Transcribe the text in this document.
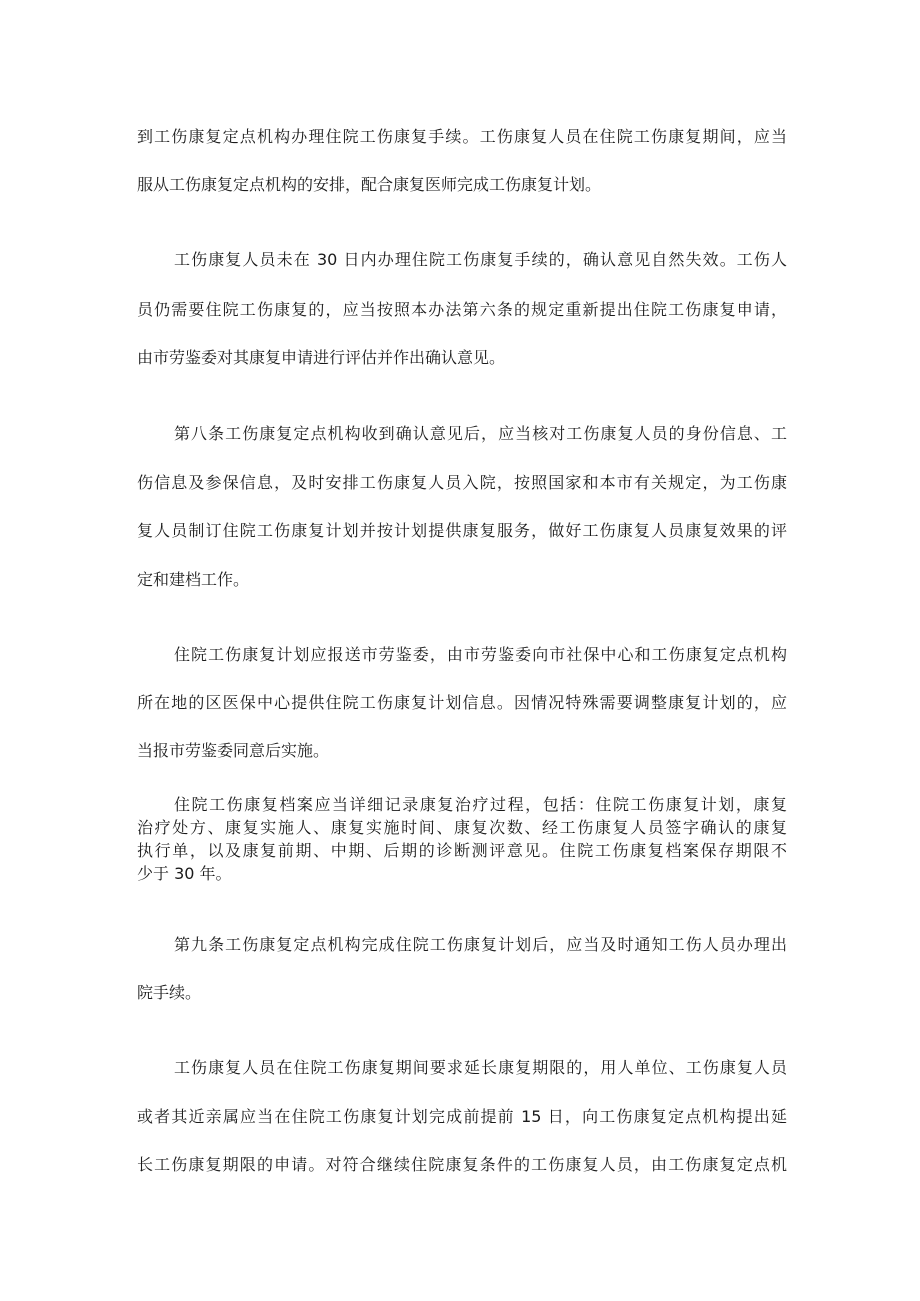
到工伤康复定点机构办理住院工伤康复手续。工伤康复人员在住院工伤康复期间，应当
服从工伤康复定点机构的安排，配合康复医师完成工伤康复计划。
工伤康复人员未在 30 日内办理住院工伤康复手续的，确认意见自然失效。工伤人
员仍需要住院工伤康复的，应当按照本办法第六条的规定重新提出住院工伤康复申请，
由市劳鉴委对其康复申请进行评估并作出确认意见。
第八条工伤康复定点机构收到确认意见后，应当核对工伤康复人员的身份信息、工
伤信息及参保信息，及时安排工伤康复人员入院，按照国家和本市有关规定，为工伤康
复人员制订住院工伤康复计划并按计划提供康复服务，做好工伤康复人员康复效果的评
定和建档工作。
住院工伤康复计划应报送市劳鉴委，由市劳鉴委向市社保中心和工伤康复定点机构
所在地的区医保中心提供住院工伤康复计划信息。因情况特殊需要调整康复计划的，应
当报市劳鉴委同意后实施。
住院工伤康复档案应当详细记录康复治疗过程，包括：住院工伤康复计划，康复
治疗处方、康复实施人、康复实施时间、康复次数、经工伤康复人员签字确认的康复
执行单，以及康复前期、中期、后期的诊断测评意见。住院工伤康复档案保存期限不
少于 30 年。
第九条工伤康复定点机构完成住院工伤康复计划后，应当及时通知工伤人员办理出
院手续。
工伤康复人员在住院工伤康复期间要求延长康复期限的，用人单位、工伤康复人员
或者其近亲属应当在住院工伤康复计划完成前提前 15 日，向工伤康复定点机构提出延
长工伤康复期限的申请。对符合继续住院康复条件的工伤康复人员，由工伤康复定点机
